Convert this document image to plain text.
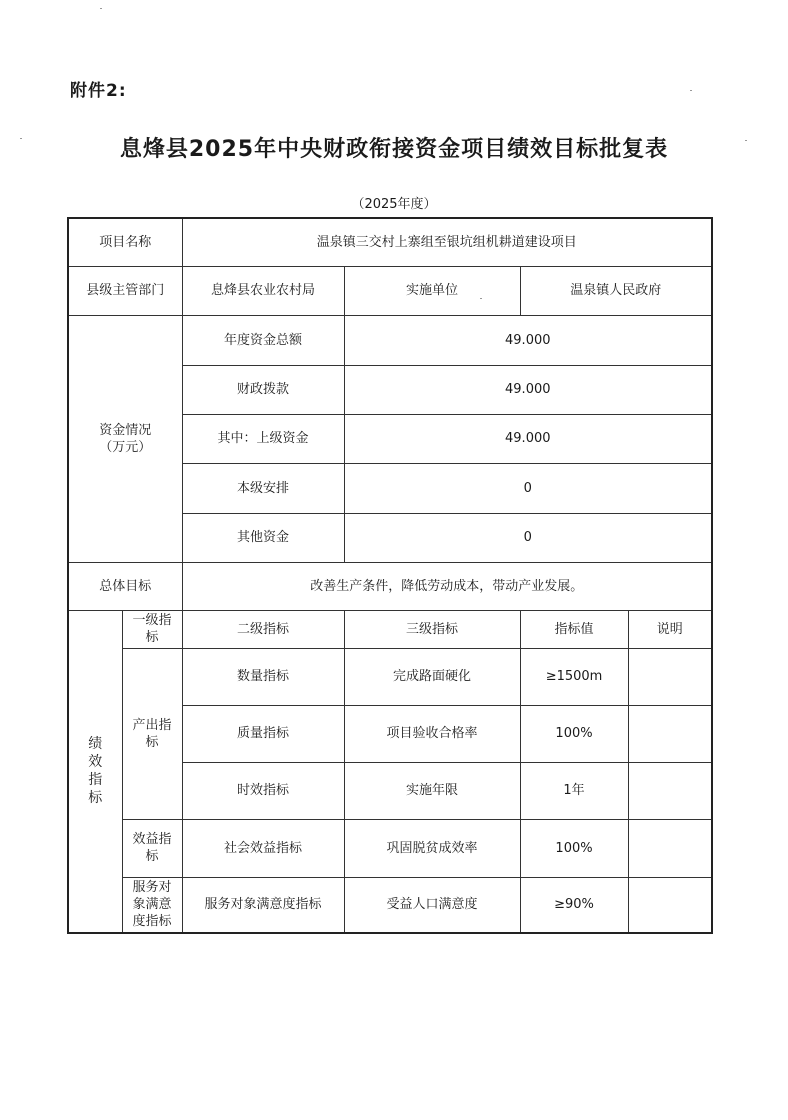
附件2:
息烽县2025年中央财政衔接资金项目绩效目标批复表
（2025年度）
项目名称		温泉镇三交村上寨组至银坑组机耕道建设项目			
县级主管部门		息烽县农业农村局	实施单位	温泉镇人民政府	
资金情况
（万元）		年度资金总额	49.000		
		财政拨款	49.000		
		其中：上级资金	49.000		
		本级安排	0		
		其他资金	0		
总体目标		改善生产条件，降低劳动成本，带动产业发展。			
绩效指标	一级指标	二级指标	三级指标	指标值	说明
	产出指标	数量指标	完成路面硬化	≥1500m	
		质量指标	项目验收合格率	100%	
		时效指标	实施年限	1年	
	效益指标	社会效益指标	巩固脱贫成效率	100%	
	服务对象满意度指标	服务对象满意度指标	受益人口满意度	≥90%	
